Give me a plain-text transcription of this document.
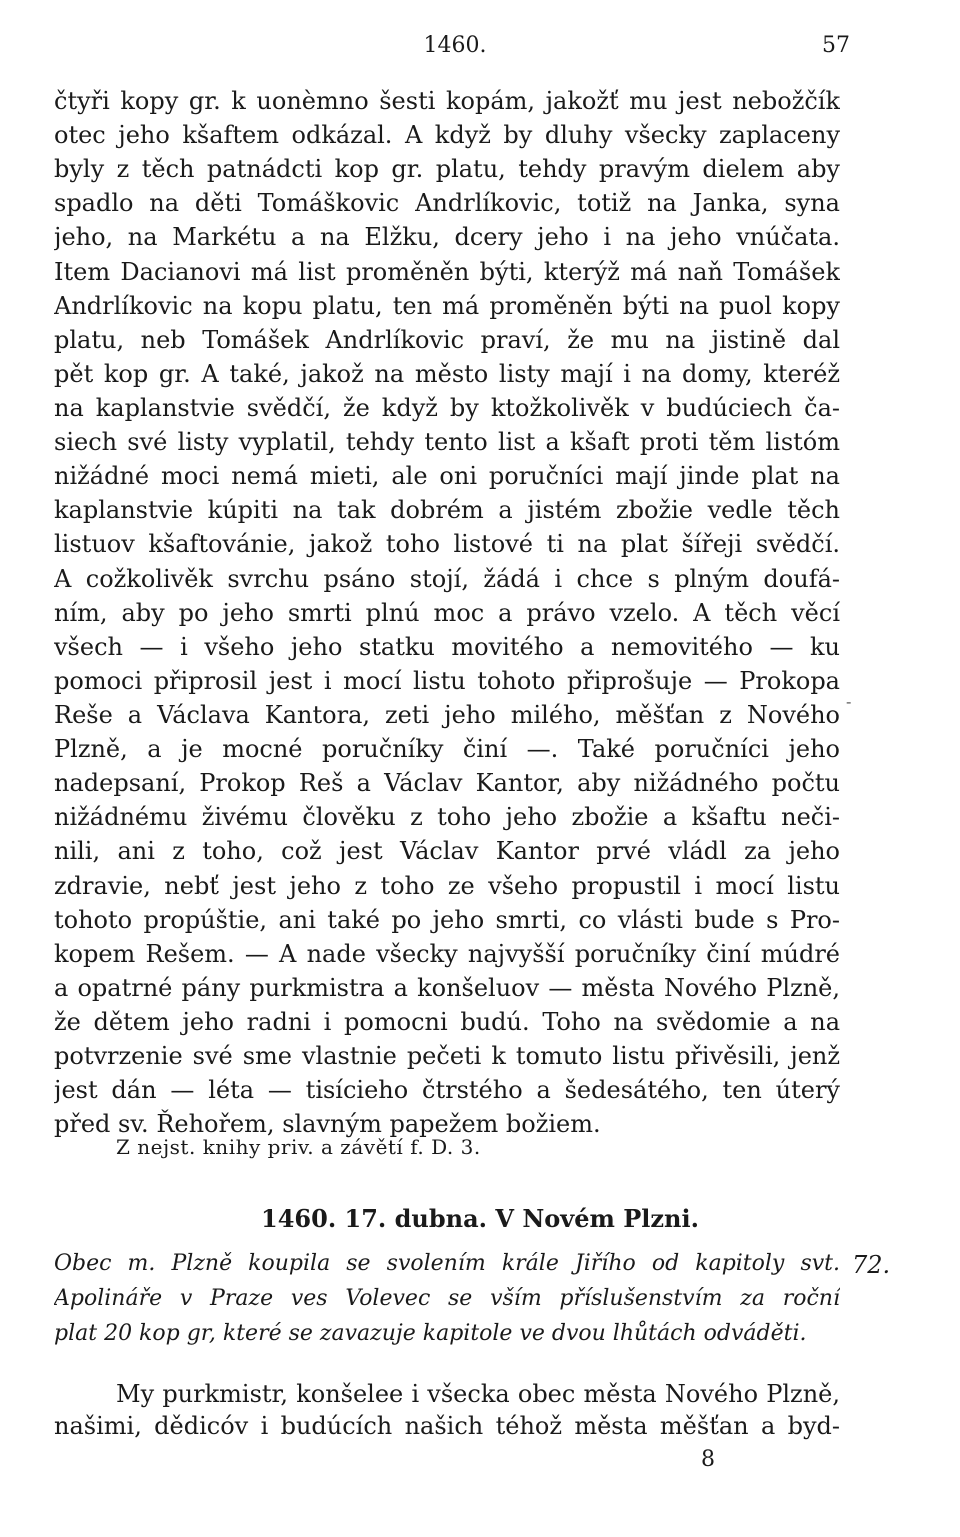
1460.	57
čtyři kopy gr. k uonèmno šesti kopám, jakožť mu jest nebožčík
otec jeho kšaftem odkázal. A když by dluhy všecky zaplaceny
byly z těch patnádcti kop gr. platu, tehdy pravým dielem aby
spadlo na děti Tomáškovic Andrlíkovic, totiž na Janka, syna
jeho, na Markétu a na Elžku, dcery jeho i na jeho vnúčata.
Item Dacianovi má list proměněn býti, kterýž má naň Tomášek
Andrlíkovic na kopu platu, ten má proměněn býti na puol kopy
platu, neb Tomášek Andrlíkovic praví, že mu na jistině dal
pět kop gr. A také, jakož na město listy mají i na domy, kteréž
na kaplanstvie svědčí, že když by ktožkolivěk v budúciech ča-
siech své listy vyplatil, tehdy tento list a kšaft proti těm listóm
nižádné moci nemá mieti, ale oni poručníci mají jinde plat na
kaplanstvie kúpiti na tak dobrém a jistém zbožie vedle těch
listuov kšaftovánie, jakož toho listové ti na plat šířeji svědčí.
A cožkolivěk svrchu psáno stojí, žádá i chce s plným doufá-
ním, aby po jeho smrti plnú moc a právo vzelo. A těch věcí
všech — i všeho jeho statku movitého a nemovitého — ku
pomoci připrosil jest i mocí listu tohoto připrošuje — Prokopa
Reše a Václava Kantora, zeti jeho milého, měšťan z Nového
Plzně, a je mocné poručníky činí —. Také poručníci jeho
nadepsaní, Prokop Reš a Václav Kantor, aby nižádného počtu
nižádnému živému člověku z toho jeho zbožie a kšaftu neči-
nili, ani z toho, což jest Václav Kantor prvé vládl za jeho
zdravie, nebť jest jeho z toho ze všeho propustil i mocí listu
tohoto propúštie, ani také po jeho smrti, co vlásti bude s Pro-
kopem Rešem. — A nade všecky najvyšší poručníky činí múdré
a opatrné pány purkmistra a konšeluov — města Nového Plzně,
že dětem jeho radni i pomocni budú. Toho na svědomie a na
potvrzenie své sme vlastnie pečeti k tomuto listu přivěsili, jenž
jest dán — léta — tisícieho čtrstého a šedesátého, ten úterý
před sv. Řehořem, slavným papežem božiem.
-
Z nejst. knihy priv. a závětí f. D. 3.
1460. 17. dubna. V Novém Plzni.
Obec m. Plzně koupila se svolením krále Jiřího od kapitoly svt.
Apolináře v Praze ves Volevec se vším příslušenstvím za roční
plat 20 kop gr, které se zavazuje kapitole ve dvou lhůtách odváděti.
72.
My purkmistr, konšelee i všecka obec města Nového Plzně,
našimi, dědicóv i budúcích našich téhož města měšťan a byd-
8
